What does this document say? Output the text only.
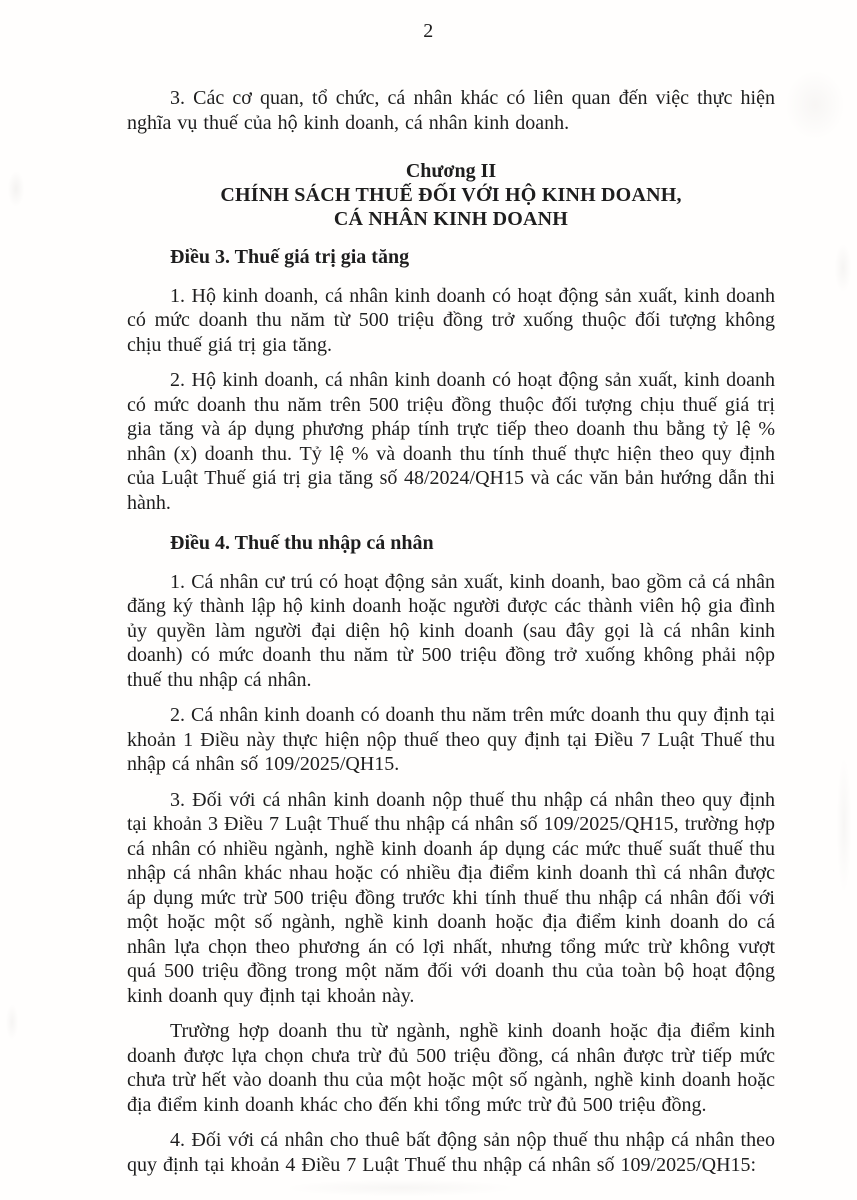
2

3. Các cơ quan, tổ chức, cá nhân khác có liên quan đến việc thực hiện nghĩa vụ thuế của hộ kinh doanh, cá nhân kinh doanh.

Chương II
CHÍNH SÁCH THUẾ ĐỐI VỚI HỘ KINH DOANH,
CÁ NHÂN KINH DOANH
Điều 3. Thuế giá trị gia tăng

1. Hộ kinh doanh, cá nhân kinh doanh có hoạt động sản xuất, kinh doanh có mức doanh thu năm từ 500 triệu đồng trở xuống thuộc đối tượng không chịu thuế giá trị gia tăng.

2. Hộ kinh doanh, cá nhân kinh doanh có hoạt động sản xuất, kinh doanh có mức doanh thu năm trên 500 triệu đồng thuộc đối tượng chịu thuế giá trị gia tăng và áp dụng phương pháp tính trực tiếp theo doanh thu bằng tỷ lệ % nhân (x) doanh thu. Tỷ lệ % và doanh thu tính thuế thực hiện theo quy định của Luật Thuế giá trị gia tăng số 48/2024/QH15 và các văn bản hướng dẫn thi hành.

Điều 4. Thuế thu nhập cá nhân

1. Cá nhân cư trú có hoạt động sản xuất, kinh doanh, bao gồm cả cá nhân đăng ký thành lập hộ kinh doanh hoặc người được các thành viên hộ gia đình ủy quyền làm người đại diện hộ kinh doanh (sau đây gọi là cá nhân kinh doanh) có mức doanh thu năm từ 500 triệu đồng trở xuống không phải nộp thuế thu nhập cá nhân.

2. Cá nhân kinh doanh có doanh thu năm trên mức doanh thu quy định tại khoản 1 Điều này thực hiện nộp thuế theo quy định tại Điều 7 Luật Thuế thu nhập cá nhân số 109/2025/QH15.

3. Đối với cá nhân kinh doanh nộp thuế thu nhập cá nhân theo quy định tại khoản 3 Điều 7 Luật Thuế thu nhập cá nhân số 109/2025/QH15, trường hợp cá nhân có nhiều ngành, nghề kinh doanh áp dụng các mức thuế suất thuế thu nhập cá nhân khác nhau hoặc có nhiều địa điểm kinh doanh thì cá nhân được áp dụng mức trừ 500 triệu đồng trước khi tính thuế thu nhập cá nhân đối với một hoặc một số ngành, nghề kinh doanh hoặc địa điểm kinh doanh do cá nhân lựa chọn theo phương án có lợi nhất, nhưng tổng mức trừ không vượt quá 500 triệu đồng trong một năm đối với doanh thu của toàn bộ hoạt động kinh doanh quy định tại khoản này.

Trường hợp doanh thu từ ngành, nghề kinh doanh hoặc địa điểm kinh doanh được lựa chọn chưa trừ đủ 500 triệu đồng, cá nhân được trừ tiếp mức chưa trừ hết vào doanh thu của một hoặc một số ngành, nghề kinh doanh hoặc địa điểm kinh doanh khác cho đến khi tổng mức trừ đủ 500 triệu đồng.

4. Đối với cá nhân cho thuê bất động sản nộp thuế thu nhập cá nhân theo quy định tại khoản 4 Điều 7 Luật Thuế thu nhập cá nhân số 109/2025/QH15:
